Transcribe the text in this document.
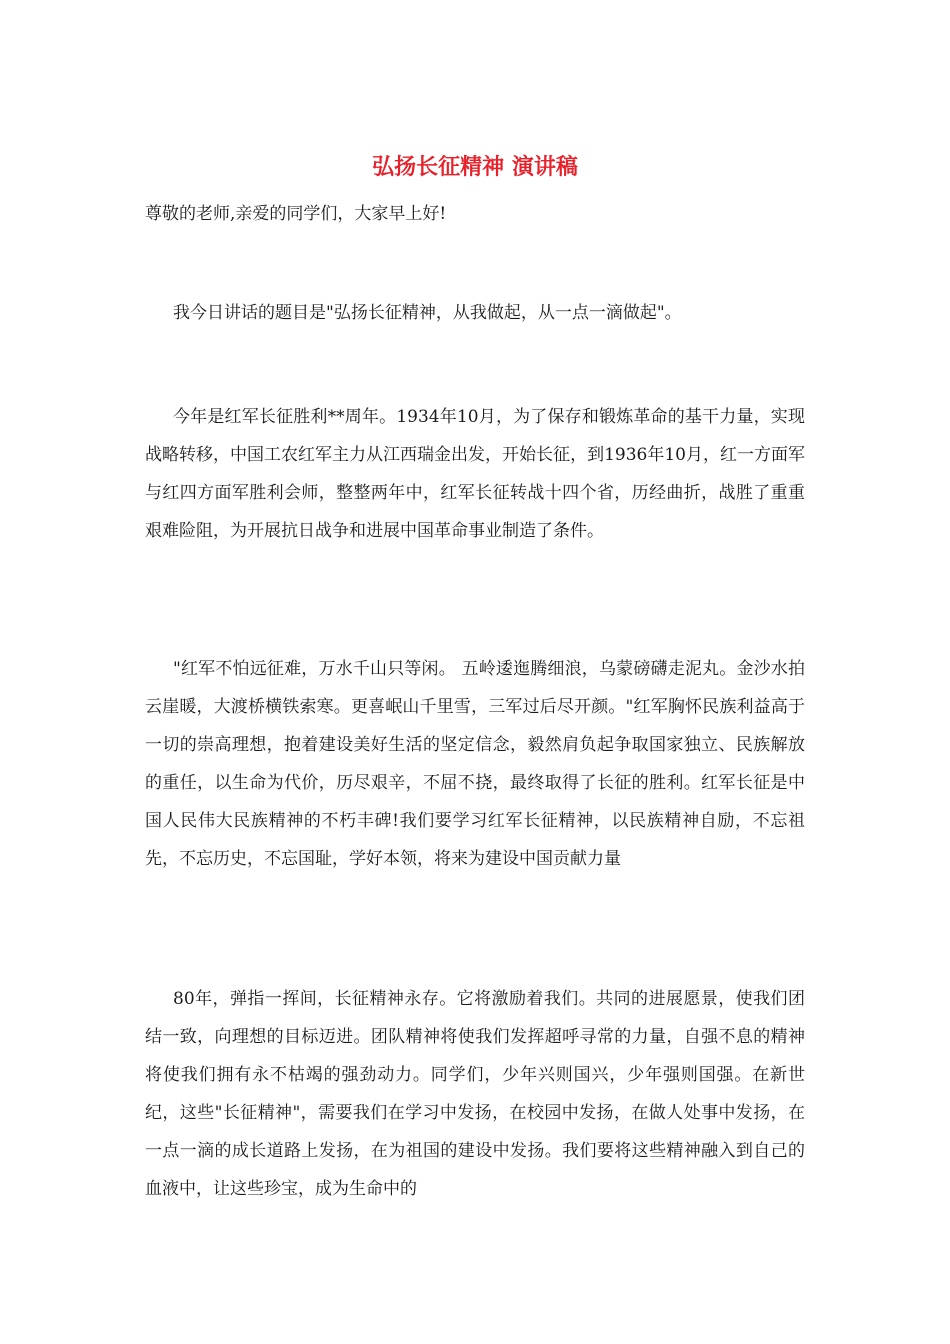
弘扬长征精神 演讲稿

尊敬的老师,亲爱的同学们，大家早上好!

我今日讲话的题目是"弘扬长征精神，从我做起，从一点一滴做起"。

今年是红军长征胜利**周年。1934年10月，为了保存和锻炼革命的基干力量，实现战略转移，中国工农红军主力从江西瑞金出发，开始长征，到1936年10月，红一方面军与红四方面军胜利会师，整整两年中，红军长征转战十四个省，历经曲折，战胜了重重艰难险阻，为开展抗日战争和进展中国革命事业制造了条件。

"红军不怕远征难，万水千山只等闲。 五岭逶迤腾细浪，乌蒙磅礴走泥丸。金沙水拍云崖暖，大渡桥横铁索寒。更喜岷山千里雪，三军过后尽开颜。"红军胸怀民族利益高于一切的崇高理想，抱着建设美好生活的坚定信念，毅然肩负起争取国家独立、民族解放的重任，以生命为代价，历尽艰辛，不屈不挠，最终取得了长征的胜利。红军长征是中国人民伟大民族精神的不朽丰碑!我们要学习红军长征精神，以民族精神自励，不忘祖先，不忘历史，不忘国耻，学好本领，将来为建设中国贡献力量

80年，弹指一挥间，长征精神永存。它将激励着我们。共同的进展愿景，使我们团结一致，向理想的目标迈进。团队精神将使我们发挥超呼寻常的力量，自强不息的精神将使我们拥有永不枯竭的强劲动力。同学们，少年兴则国兴，少年强则国强。在新世纪，这些"长征精神"，需要我们在学习中发扬，在校园中发扬，在做人处事中发扬，在一点一滴的成长道路上发扬，在为祖国的建设中发扬。我们要将这些精神融入到自己的血液中，让这些珍宝，成为生命中的
